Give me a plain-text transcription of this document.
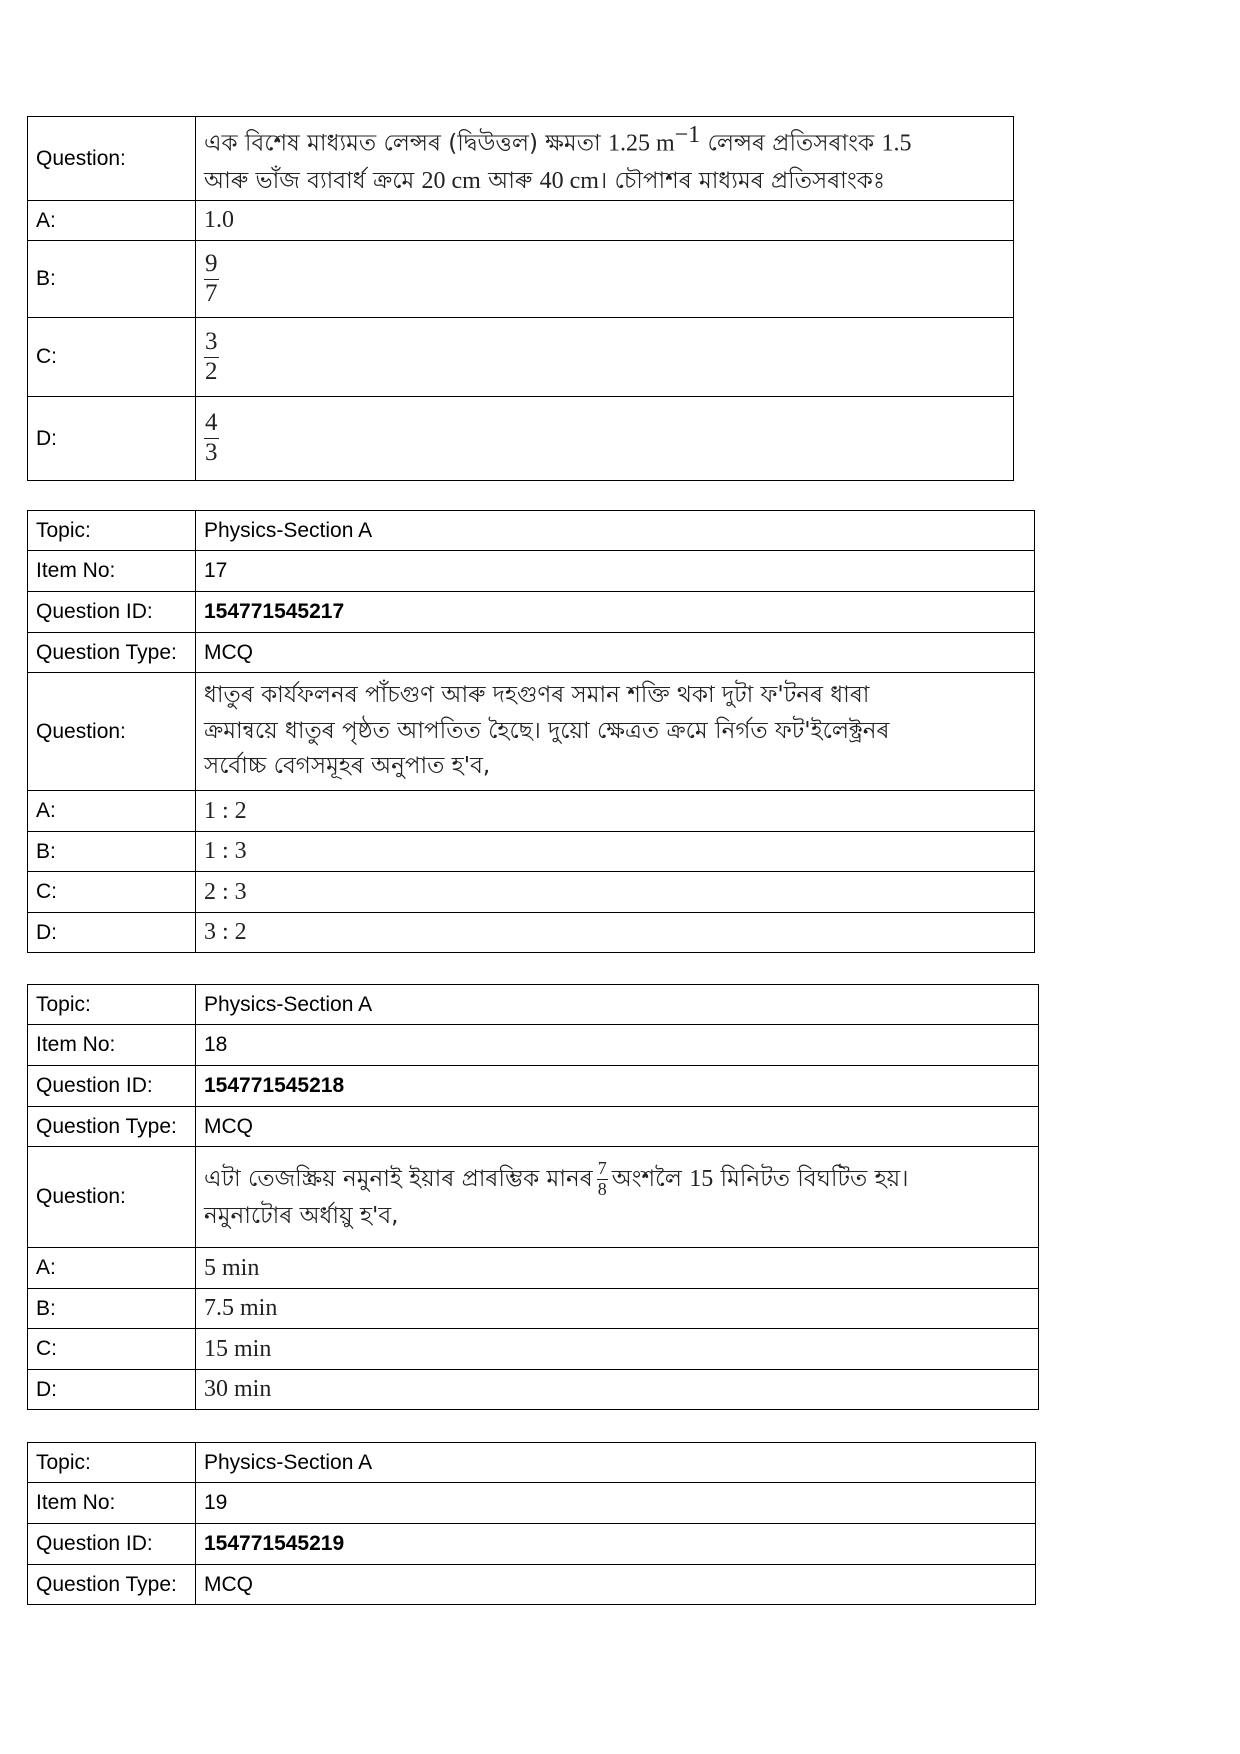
Question:	এক বিশেষ মাধ্যমত লেন্সৰ (দ্বিউত্তল) ক্ষমতা 1.25 $m^{-1}$ লেন্সৰ প্ৰতিসৰাংক 1.5
আৰু ভাঁজ ব্যাবাৰ্ধ ক্ৰমে 20 cm আৰু 40 cm। চৌপাশৰ মাধ্যমৰ প্ৰতিসৰাংকঃ
A:	1.0
B:	$\frac{9}{7}$

C:	$\frac{3}{2}$

D:	$\frac{4}{3}$
Topic:	Physics-Section A
Item No:	17
Question ID:	154771545217
Question Type:	MCQ
Question:	ধাতুৰ কাৰ্যফলনৰ পাঁচগুণ আৰু দহগুণৰ সমান শক্তি থকা দুটা ফ'টনৰ ধাৰা
ক্ৰমান্বয়ে ধাতুৰ পৃষ্ঠত আপতিত হৈছে। দুয়ো ক্ষেত্ৰত ক্ৰমে নিৰ্গত ফট'ইলেক্ট্ৰনৰ
সৰ্বোচ্চ বেগসমূহৰ অনুপাত হ'ব,
A:	1 : 2
B:	1 : 3
C:	2 : 3
D:	3 : 2
Topic:	Physics-Section A
Item No:	18
Question ID:	154771545218
Question Type:	MCQ
Question:	এটা তেজস্ক্ৰিয় নমুনাই ইয়াৰ প্ৰাৰম্ভিক মানৰ $\frac{7}{8}$ অংশলৈ 15 মিনিটত বিঘটিত হয়।
নমুনাটোৰ অৰ্ধায়ু হ'ব,
A:	5 min
B:	7.5 min
C:	15 min
D:	30 min
Topic:	Physics-Section A
Item No:	19
Question ID:	154771545219
Question Type:	MCQ
